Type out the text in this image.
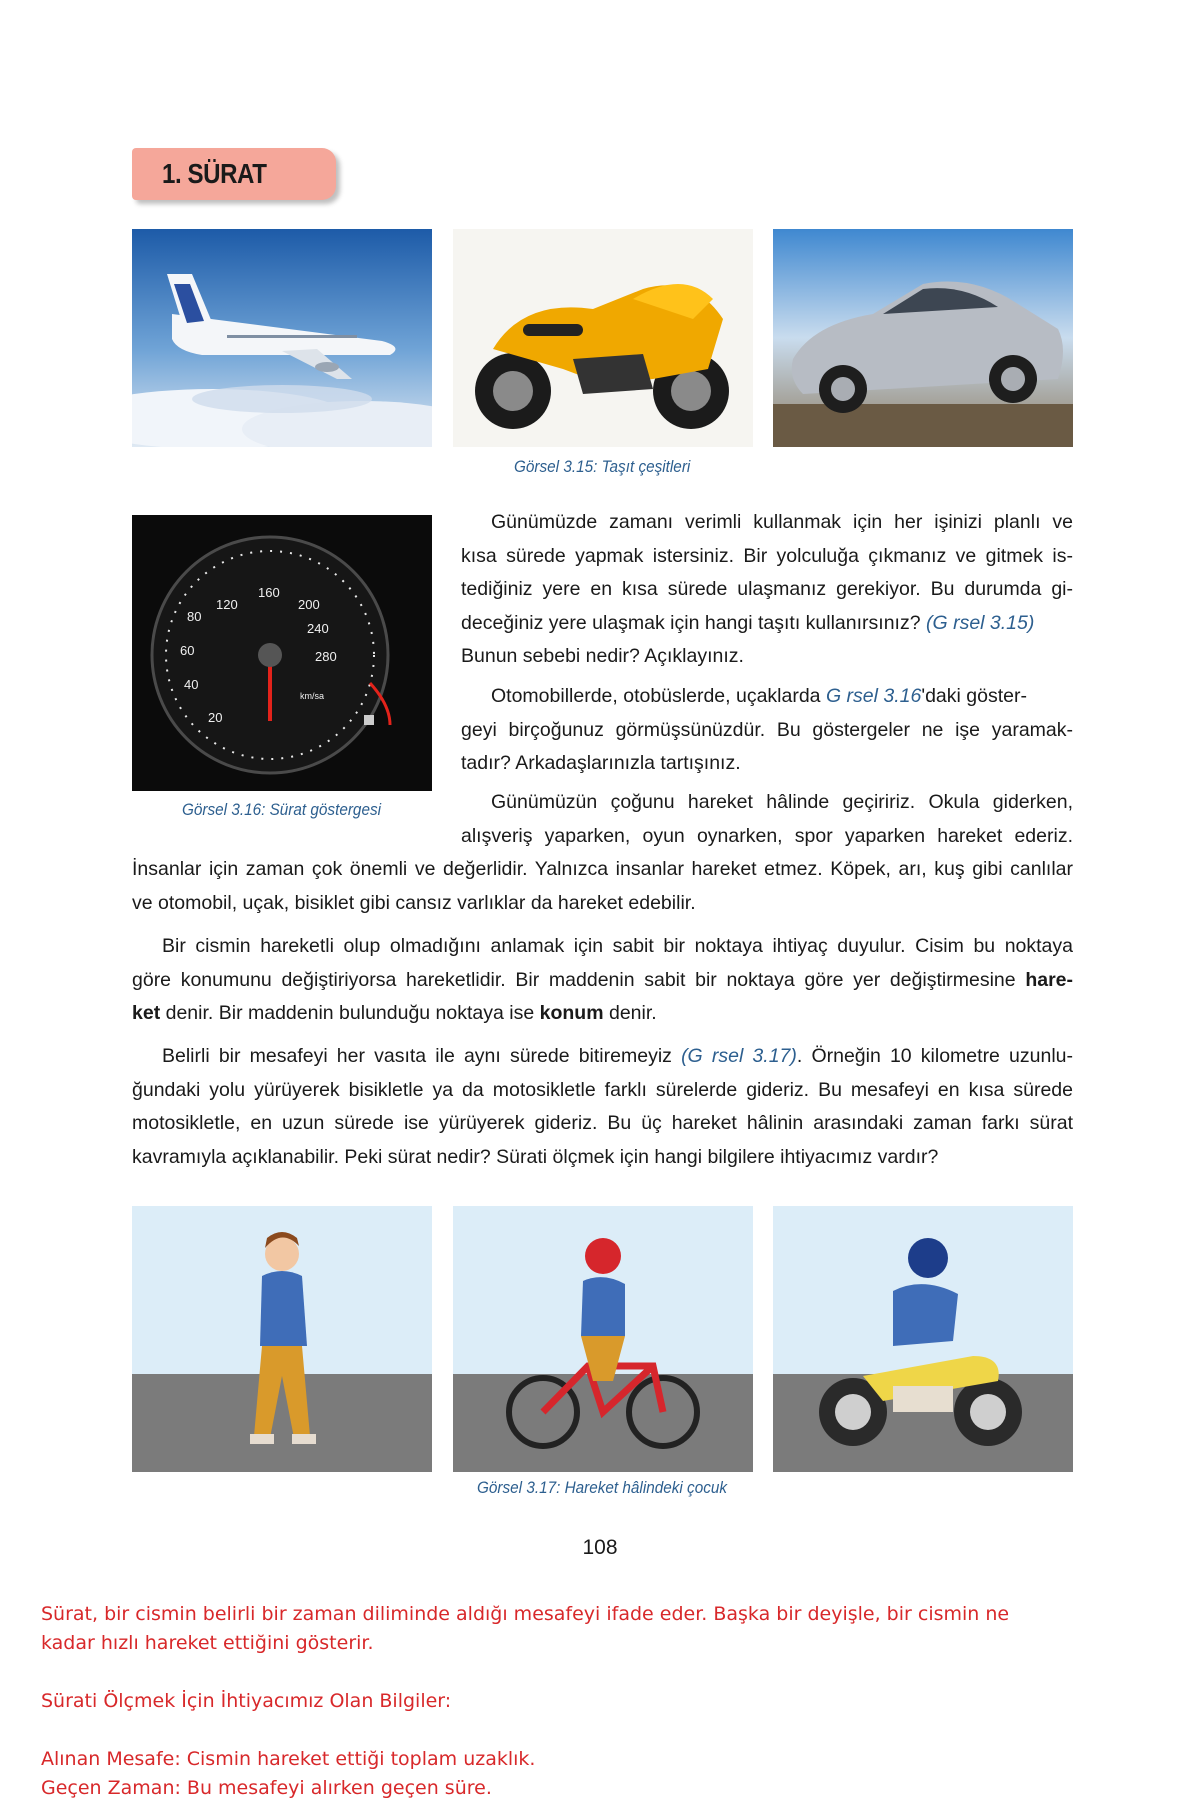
1. SÜRAT
Görsel 3.15: Taşıt çeşitleri
20
40
60
80
120
160
200
240
280
km/sa
Görsel 3.16: Sürat göstergesi
Günümüzde zamanı verimli kullanmak için her işinizi planlı ve
kısa sürede yapmak istersiniz. Bir yolculuğa çıkmanız ve gitmek is-
tediğiniz yere en kısa sürede ulaşmanız gerekiyor. Bu durumda gi-
deceğiniz yere ulaşmak için hangi taşıtı kullanırsınız? (G rsel 3.15)
Bunun sebebi nedir? Açıklayınız.
Otomobillerde, otobüslerde, uçaklarda G rsel 3.16'daki göster-
geyi birçoğunuz görmüşsünüzdür. Bu göstergeler ne işe yaramak-
tadır? Arkadaşlarınızla tartışınız.
Günümüzün çoğunu hareket hâlinde geçiririz. Okula giderken,
alışveriş yaparken, oyun oynarken, spor yaparken hareket ederiz.
İnsanlar için zaman çok önemli ve değerlidir. Yalnızca insanlar hareket etmez. Köpek, arı, kuş gibi canlılar
ve otomobil, uçak, bisiklet gibi cansız varlıklar da hareket edebilir.
Bir cismin hareketli olup olmadığını anlamak için sabit bir noktaya ihtiyaç duyulur. Cisim bu noktaya
göre konumunu değiştiriyorsa hareketlidir. Bir maddenin sabit bir noktaya göre yer değiştirmesine hare-
ket denir. Bir maddenin bulunduğu noktaya ise konum denir.
Belirli bir mesafeyi her vasıta ile aynı sürede bitiremeyiz (G rsel 3.17). Örneğin 10 kilometre uzunlu-
ğundaki yolu yürüyerek bisikletle ya da motosikletle farklı sürelerde gideriz. Bu mesafeyi en kısa sürede
motosikletle, en uzun sürede ise yürüyerek gideriz. Bu üç hareket hâlinin arasındaki zaman farkı sürat
kavramıyla açıklanabilir. Peki sürat nedir? Sürati ölçmek için hangi bilgilere ihtiyacımız vardır?
Görsel 3.17: Hareket hâlindeki çocuk
108
Sürat, bir cismin belirli bir zaman diliminde aldığı mesafeyi ifade eder. Başka bir deyişle, bir cismin ne
kadar hızlı hareket ettiğini gösterir.
Sürati Ölçmek İçin İhtiyacımız Olan Bilgiler:
Alınan Mesafe: Cismin hareket ettiği toplam uzaklık.
Geçen Zaman: Bu mesafeyi alırken geçen süre.
